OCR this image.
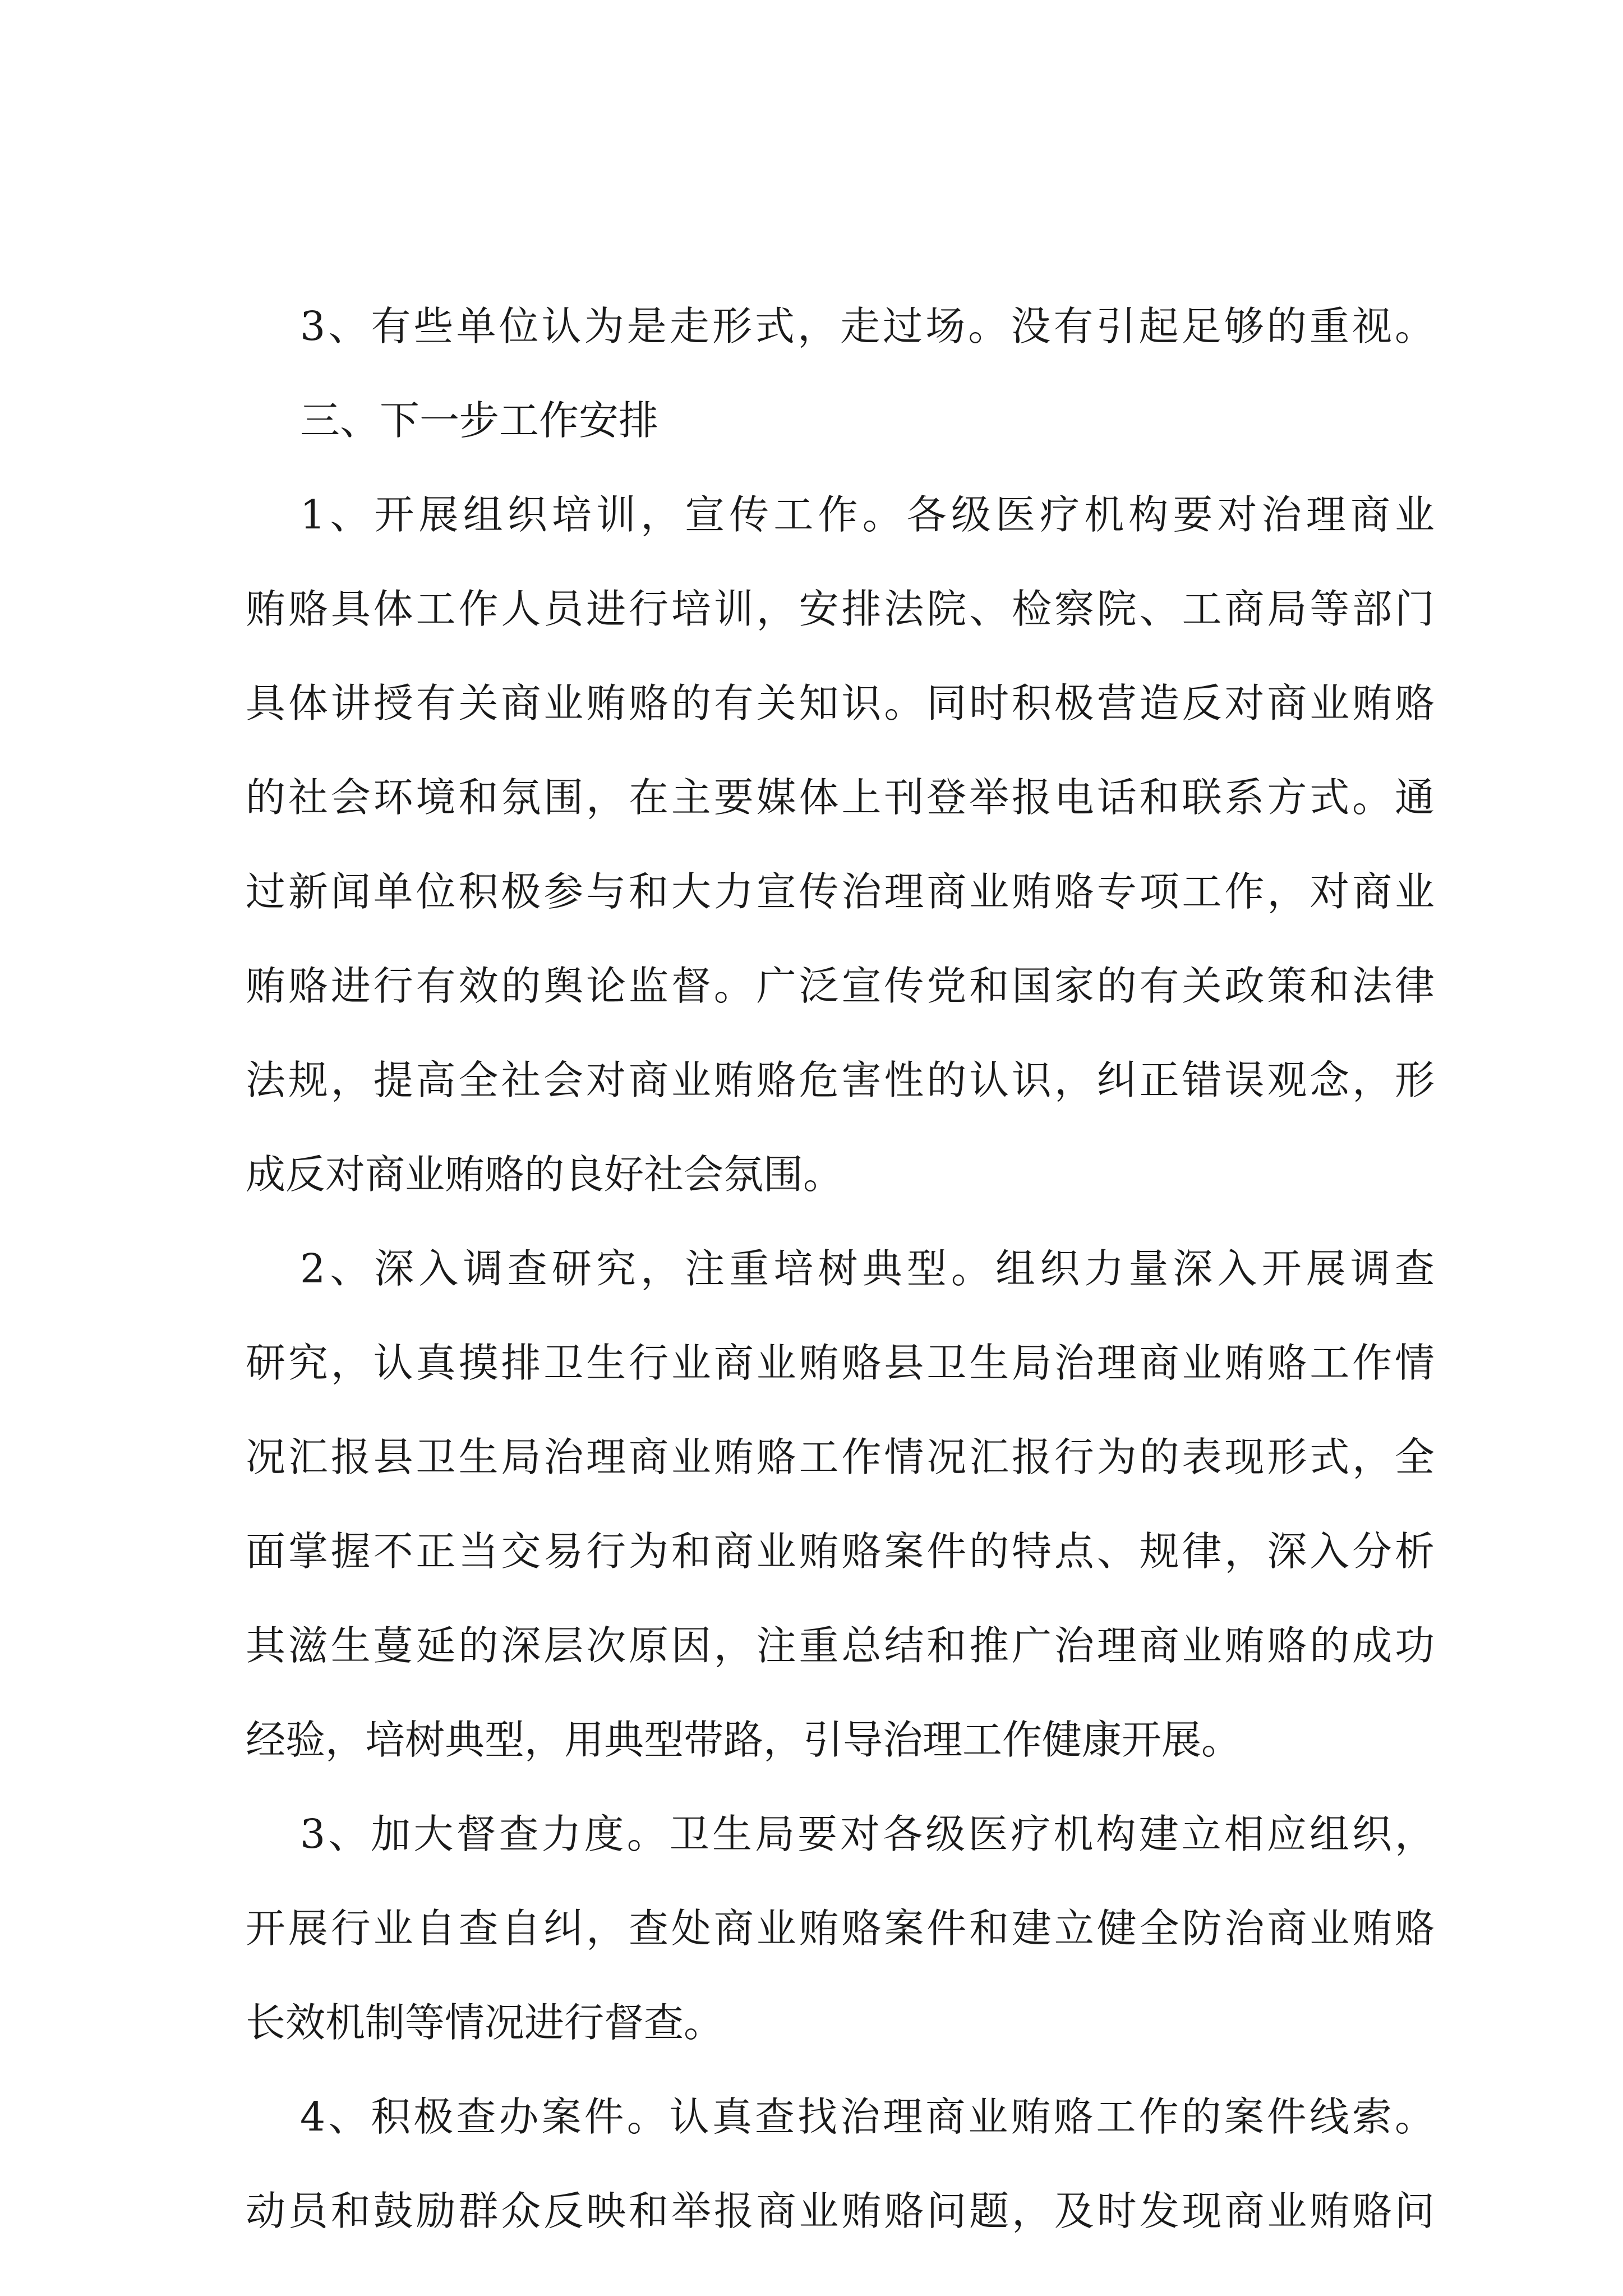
3、有些单位认为是走形式，走过场。没有引起足够的重视。
三、下一步工作安排
1、开展组织培训，宣传工作。各级医疗机构要对治理商业
贿赂具体工作人员进行培训，安排法院、检察院、工商局等部门
具体讲授有关商业贿赂的有关知识。同时积极营造反对商业贿赂
的社会环境和氛围，在主要媒体上刊登举报电话和联系方式。通
过新闻单位积极参与和大力宣传治理商业贿赂专项工作，对商业
贿赂进行有效的舆论监督。广泛宣传党和国家的有关政策和法律
法规，提高全社会对商业贿赂危害性的认识，纠正错误观念，形
成反对商业贿赂的良好社会氛围。
2、深入调查研究，注重培树典型。组织力量深入开展调查
研究，认真摸排卫生行业商业贿赂县卫生局治理商业贿赂工作情
况汇报县卫生局治理商业贿赂工作情况汇报行为的表现形式，全
面掌握不正当交易行为和商业贿赂案件的特点、规律，深入分析
其滋生蔓延的深层次原因，注重总结和推广治理商业贿赂的成功
经验，培树典型，用典型带路，引导治理工作健康开展。
3、加大督查力度。卫生局要对各级医疗机构建立相应组织，
开展行业自查自纠，查处商业贿赂案件和建立健全防治商业贿赂
长效机制等情况进行督查。
4、积极查办案件。认真查找治理商业贿赂工作的案件线索。
动员和鼓励群众反映和举报商业贿赂问题，及时发现商业贿赂问
